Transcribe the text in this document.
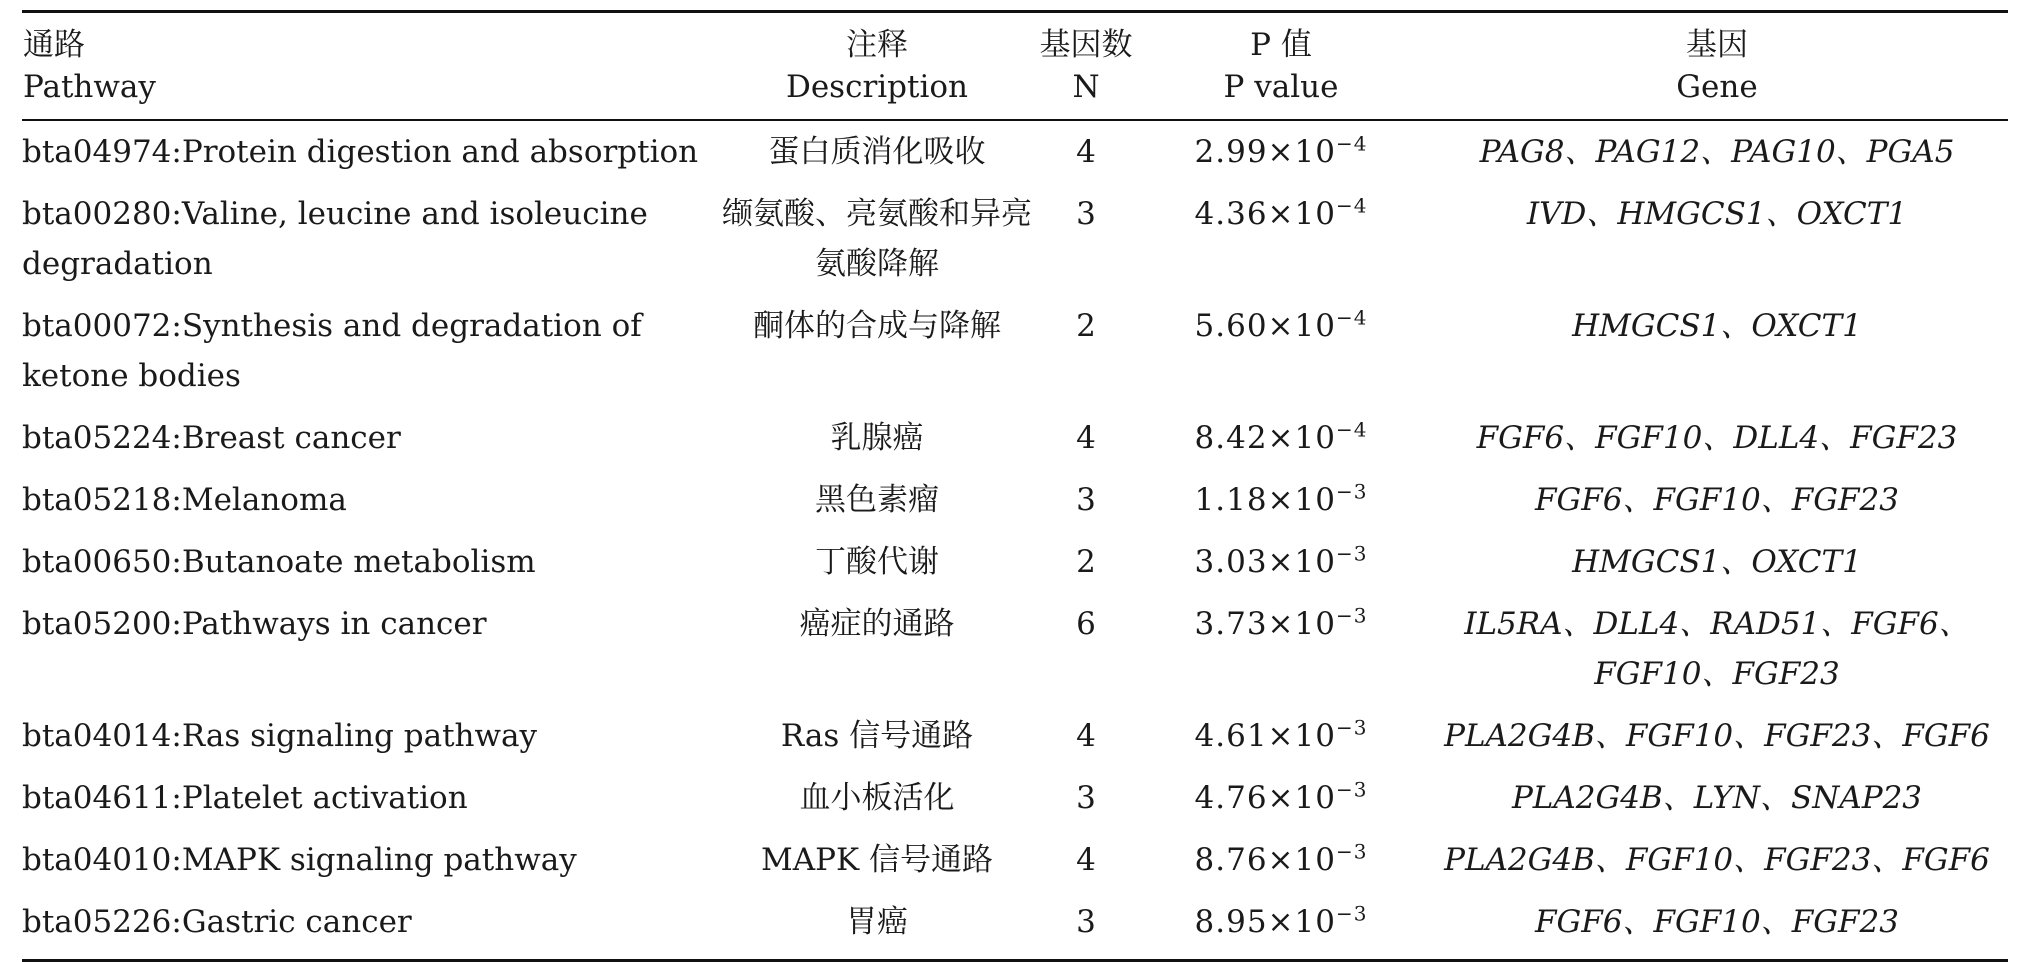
通路	注释	基因数	P 值	基因
Pathway	Description	N	P value	Gene
bta04974:Protein digestion and absorption	蛋白质消化吸收	4	$2.99\times 10^{-4}$	PAG8、PAG12、PAG10、PGA5
bta00280:Valine, leucine and isoleucine degradation	缬氨酸、亮氨酸和异亮氨酸降解	3	$4.36\times 10^{-4}$	IVD、HMGCS1、OXCT1
bta00072:Synthesis and degradation of ketone bodies	酮体的合成与降解	2	$5.60\times 10^{-4}$	HMGCS1、OXCT1
bta05224:Breast cancer	乳腺癌	4	$8.42\times 10^{-4}$	FGF6、FGF10、DLL4、FGF23
bta05218:Melanoma	黑色素瘤	3	$1.18\times 10^{-3}$	FGF6、FGF10、FGF23
bta00650:Butanoate metabolism	丁酸代谢	2	$3.03\times 10^{-3}$	HMGCS1、OXCT1
bta05200:Pathways in cancer	癌症的通路	6	$3.73\times 10^{-3}$	IL5RA、DLL4、RAD51、FGF6、FGF10、FGF23
bta04014:Ras signaling pathway	Ras 信号通路	4	$4.61\times 10^{-3}$	PLA2G4B、FGF10、FGF23、FGF6
bta04611:Platelet activation	血小板活化	3	$4.76\times 10^{-3}$	PLA2G4B、LYN、SNAP23
bta04010:MAPK signaling pathway	MAPK 信号通路	4	$8.76\times 10^{-3}$	PLA2G4B、FGF10、FGF23、FGF6
bta05226:Gastric cancer	胃癌	3	$8.95\times 10^{-3}$	FGF6、FGF10、FGF23
